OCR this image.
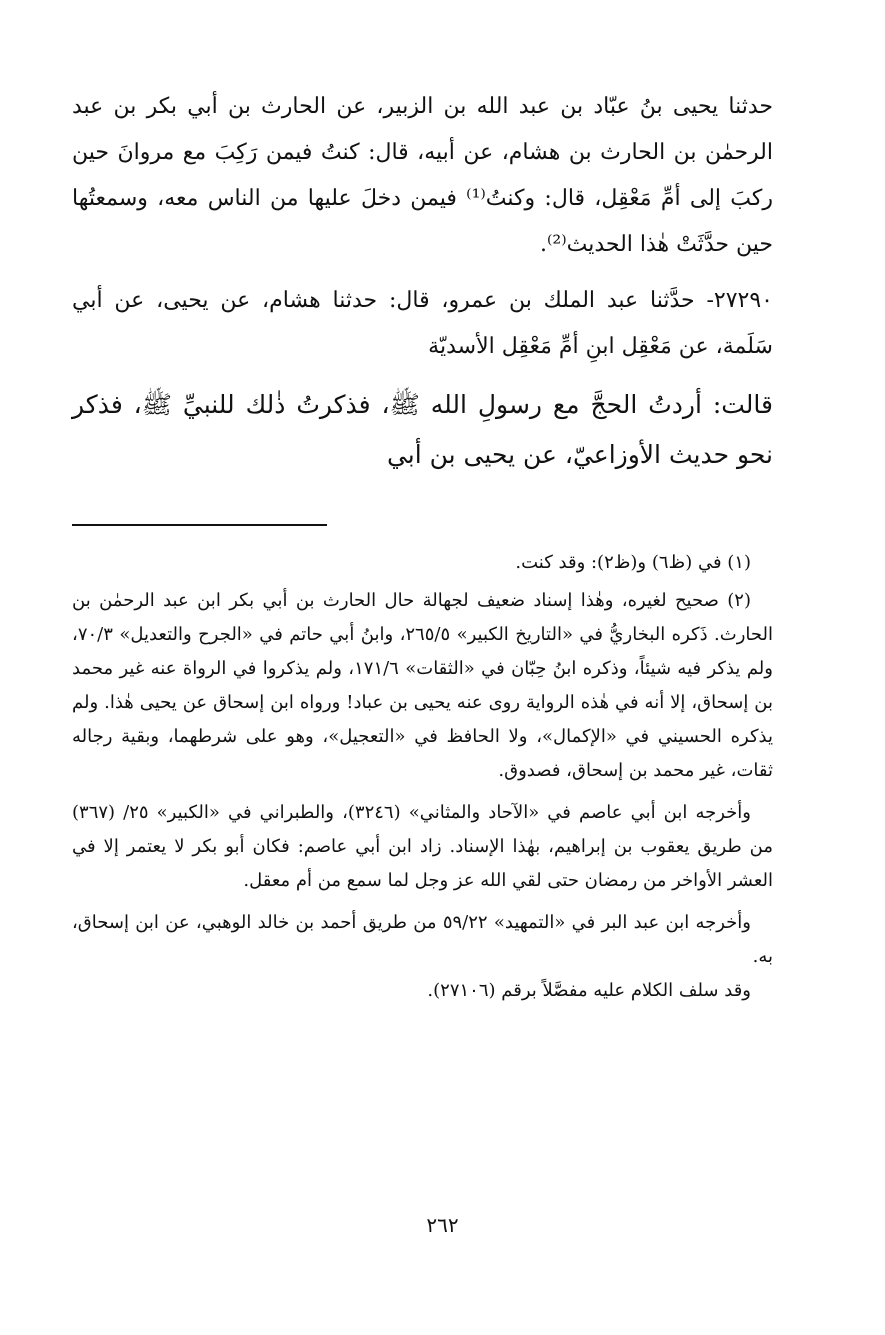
حدثنا يحيى بنُ عبّاد بن عبد الله بن الزبير، عن الحارث بن أبي بكر بن عبد الرحمٰن بن الحارث بن هشام، عن أبيه، قال: كنتُ فيمن رَكِبَ مع مروانَ حين ركبَ إلى أمِّ مَعْقِل، قال: وكنتُ⁽¹⁾ فيمن دخلَ عليها من الناس معه، وسمعتُها حين حدَّثَتْ هٰذا الحديث⁽²⁾.

٢٧٢٩٠- حدَّثنا عبد الملك بن عمرو، قال: حدثنا هشام، عن يحيى، عن أبي سَلَمة، عن مَعْقِل ابنِ أمِّ مَعْقِل الأسديّة

قالت: أردتُ الحجَّ مع رسولِ الله ﷺ، فذكرتُ ذٰلك للنبيِّ ﷺ، فذكر نحو حديث الأوزاعيّ، عن يحيى بن أبي

(١) في (ظ٦) و(ظ٢): وقد كنت.

(٢) صحيح لغيره، وهٰذا إسناد ضعيف لجهالة حال الحارث بن أبي بكر ابن عبد الرحمٰن بن الحارث. ذَكره البخاريُّ في «التاريخ الكبير» ٢٦٥/٥، وابنُ أبي حاتم في «الجرح والتعديل» ٧٠/٣، ولم يذكر فيه شيئاً، وذكره ابنُ حِبّان في «الثقات» ١٧١/٦، ولم يذكروا في الرواة عنه غير محمد بن إسحاق، إلا أنه في هٰذه الرواية روى عنه يحيى بن عباد! ورواه ابن إسحاق عن يحيى هٰذا. ولم يذكره الحسيني في «الإكمال»، ولا الحافظ في «التعجيل»، وهو على شرطهما، وبقية رجاله ثقات، غير محمد بن إسحاق، فصدوق.

وأخرجه ابن أبي عاصم في «الآحاد والمثاني» (٣٢٤٦)، والطبراني في «الكبير» ٢٥/ (٣٦٧) من طريق يعقوب بن إبراهيم، بهٰذا الإسناد. زاد ابن أبي عاصم: فكان أبو بكر لا يعتمر إلا في العشر الأواخر من رمضان حتى لقي الله عز وجل لما سمع من أم معقل.

وأخرجه ابن عبد البر في «التمهيد» ٥٩/٢٢ من طريق أحمد بن خالد الوهبي، عن ابن إسحاق، به.

وقد سلف الكلام عليه مفصَّلاً برقم (٢٧١٠٦).

٢٦٢
